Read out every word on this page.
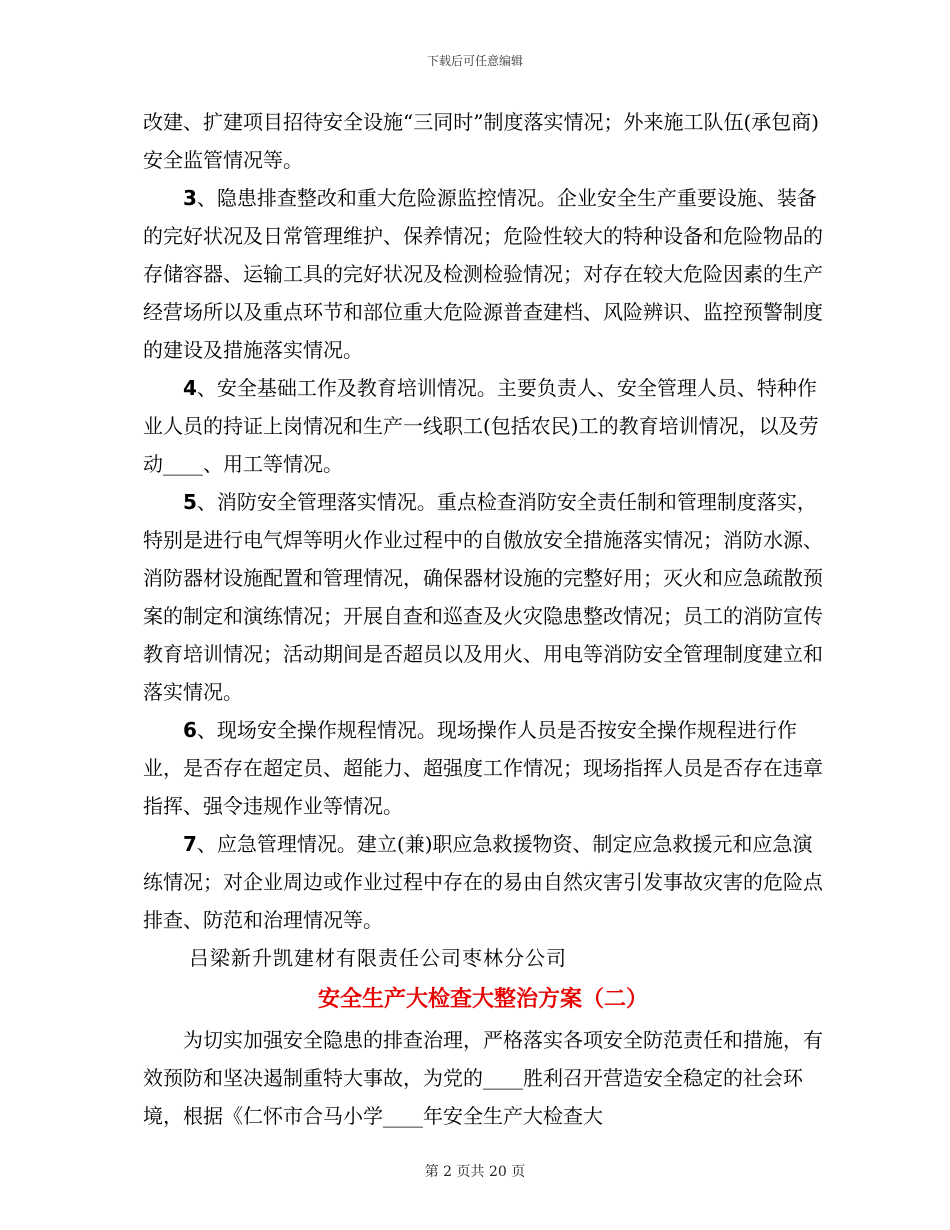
下载后可任意编辑

改建、扩建项目招待安全设施“三同时”制度落实情况；外来施工队伍(承包商)安全监管情况等。

3、隐患排查整改和重大危险源监控情况。企业安全生产重要设施、装备的完好状况及日常管理维护、保养情况；危险性较大的特种设备和危险物品的存储容器、运输工具的完好状况及检测检验情况；对存在较大危险因素的生产经营场所以及重点环节和部位重大危险源普查建档、风险辨识、监控预警制度的建设及措施落实情况。

4、安全基础工作及教育培训情况。主要负责人、安全管理人员、特种作业人员的持证上岗情况和生产一线职工(包括农民)工的教育培训情况，以及劳动____、用工等情况。

5、消防安全管理落实情况。重点检查消防安全责任制和管理制度落实，特别是进行电气焊等明火作业过程中的自傲放安全措施落实情况；消防水源、消防器材设施配置和管理情况，确保器材设施的完整好用；灭火和应急疏散预案的制定和演练情况；开展自查和巡查及火灾隐患整改情况；员工的消防宣传教育培训情况；活动期间是否超员以及用火、用电等消防安全管理制度建立和落实情况。

6、现场安全操作规程情况。现场操作人员是否按安全操作规程进行作业，是否存在超定员、超能力、超强度工作情况；现场指挥人员是否存在违章指挥、强令违规作业等情况。

7、应急管理情况。建立(兼)职应急救援物资、制定应急救援元和应急演练情况；对企业周边或作业过程中存在的易由自然灾害引发事故灾害的危险点排查、防范和治理情况等。

吕梁新升凯建材有限责任公司枣林分公司

安全生产大检查大整治方案（二）

为切实加强安全隐患的排查治理，严格落实各项安全防范责任和措施，有效预防和坚决遏制重特大事故，为党的____胜利召开营造安全稳定的社会环境，根据《仁怀市合马小学____年安全生产大检查大

第 2 页共 20 页
